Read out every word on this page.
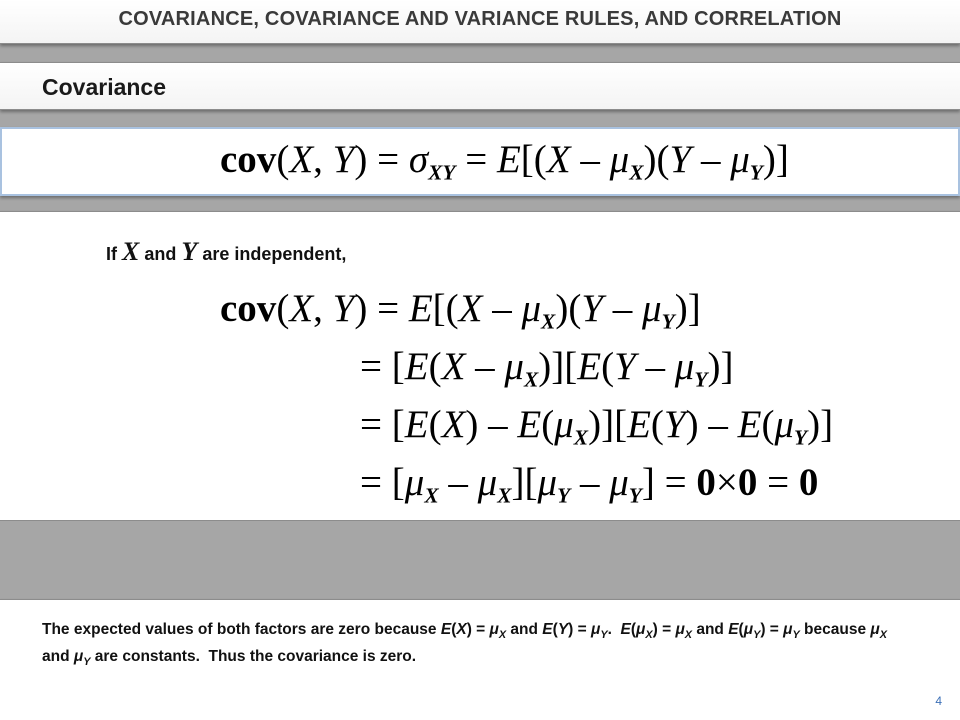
COVARIANCE, COVARIANCE AND VARIANCE RULES, AND CORRELATION
Covariance
cov(X, $Y) = \sigma_{XY} = E[(X - \mu_X)(Y - \mu_Y)]$
If X and Y are independent,
cov(X, $Y) = E[(X - \mu_X)(Y - \mu_Y)]$
= $[E(X - \mu_X)][E(Y - \mu_Y)]$
= $[E(X) - E(\mu_X)][E(Y) - E(\mu_Y)]$
= $[\mu_X - \mu_X][\mu_Y - \mu_Y] = 0\times 0 = 0$
The expected values of both factors are zero because $E(X) = \mu_X$ and $E(Y) = \mu_Y$.  $E(\mu_X) = \mu_X$ and $E(\mu_Y) = \mu_Y$ because $\mu_X$ and $\mu_Y$ are constants.  Thus the covariance is zero.
4
